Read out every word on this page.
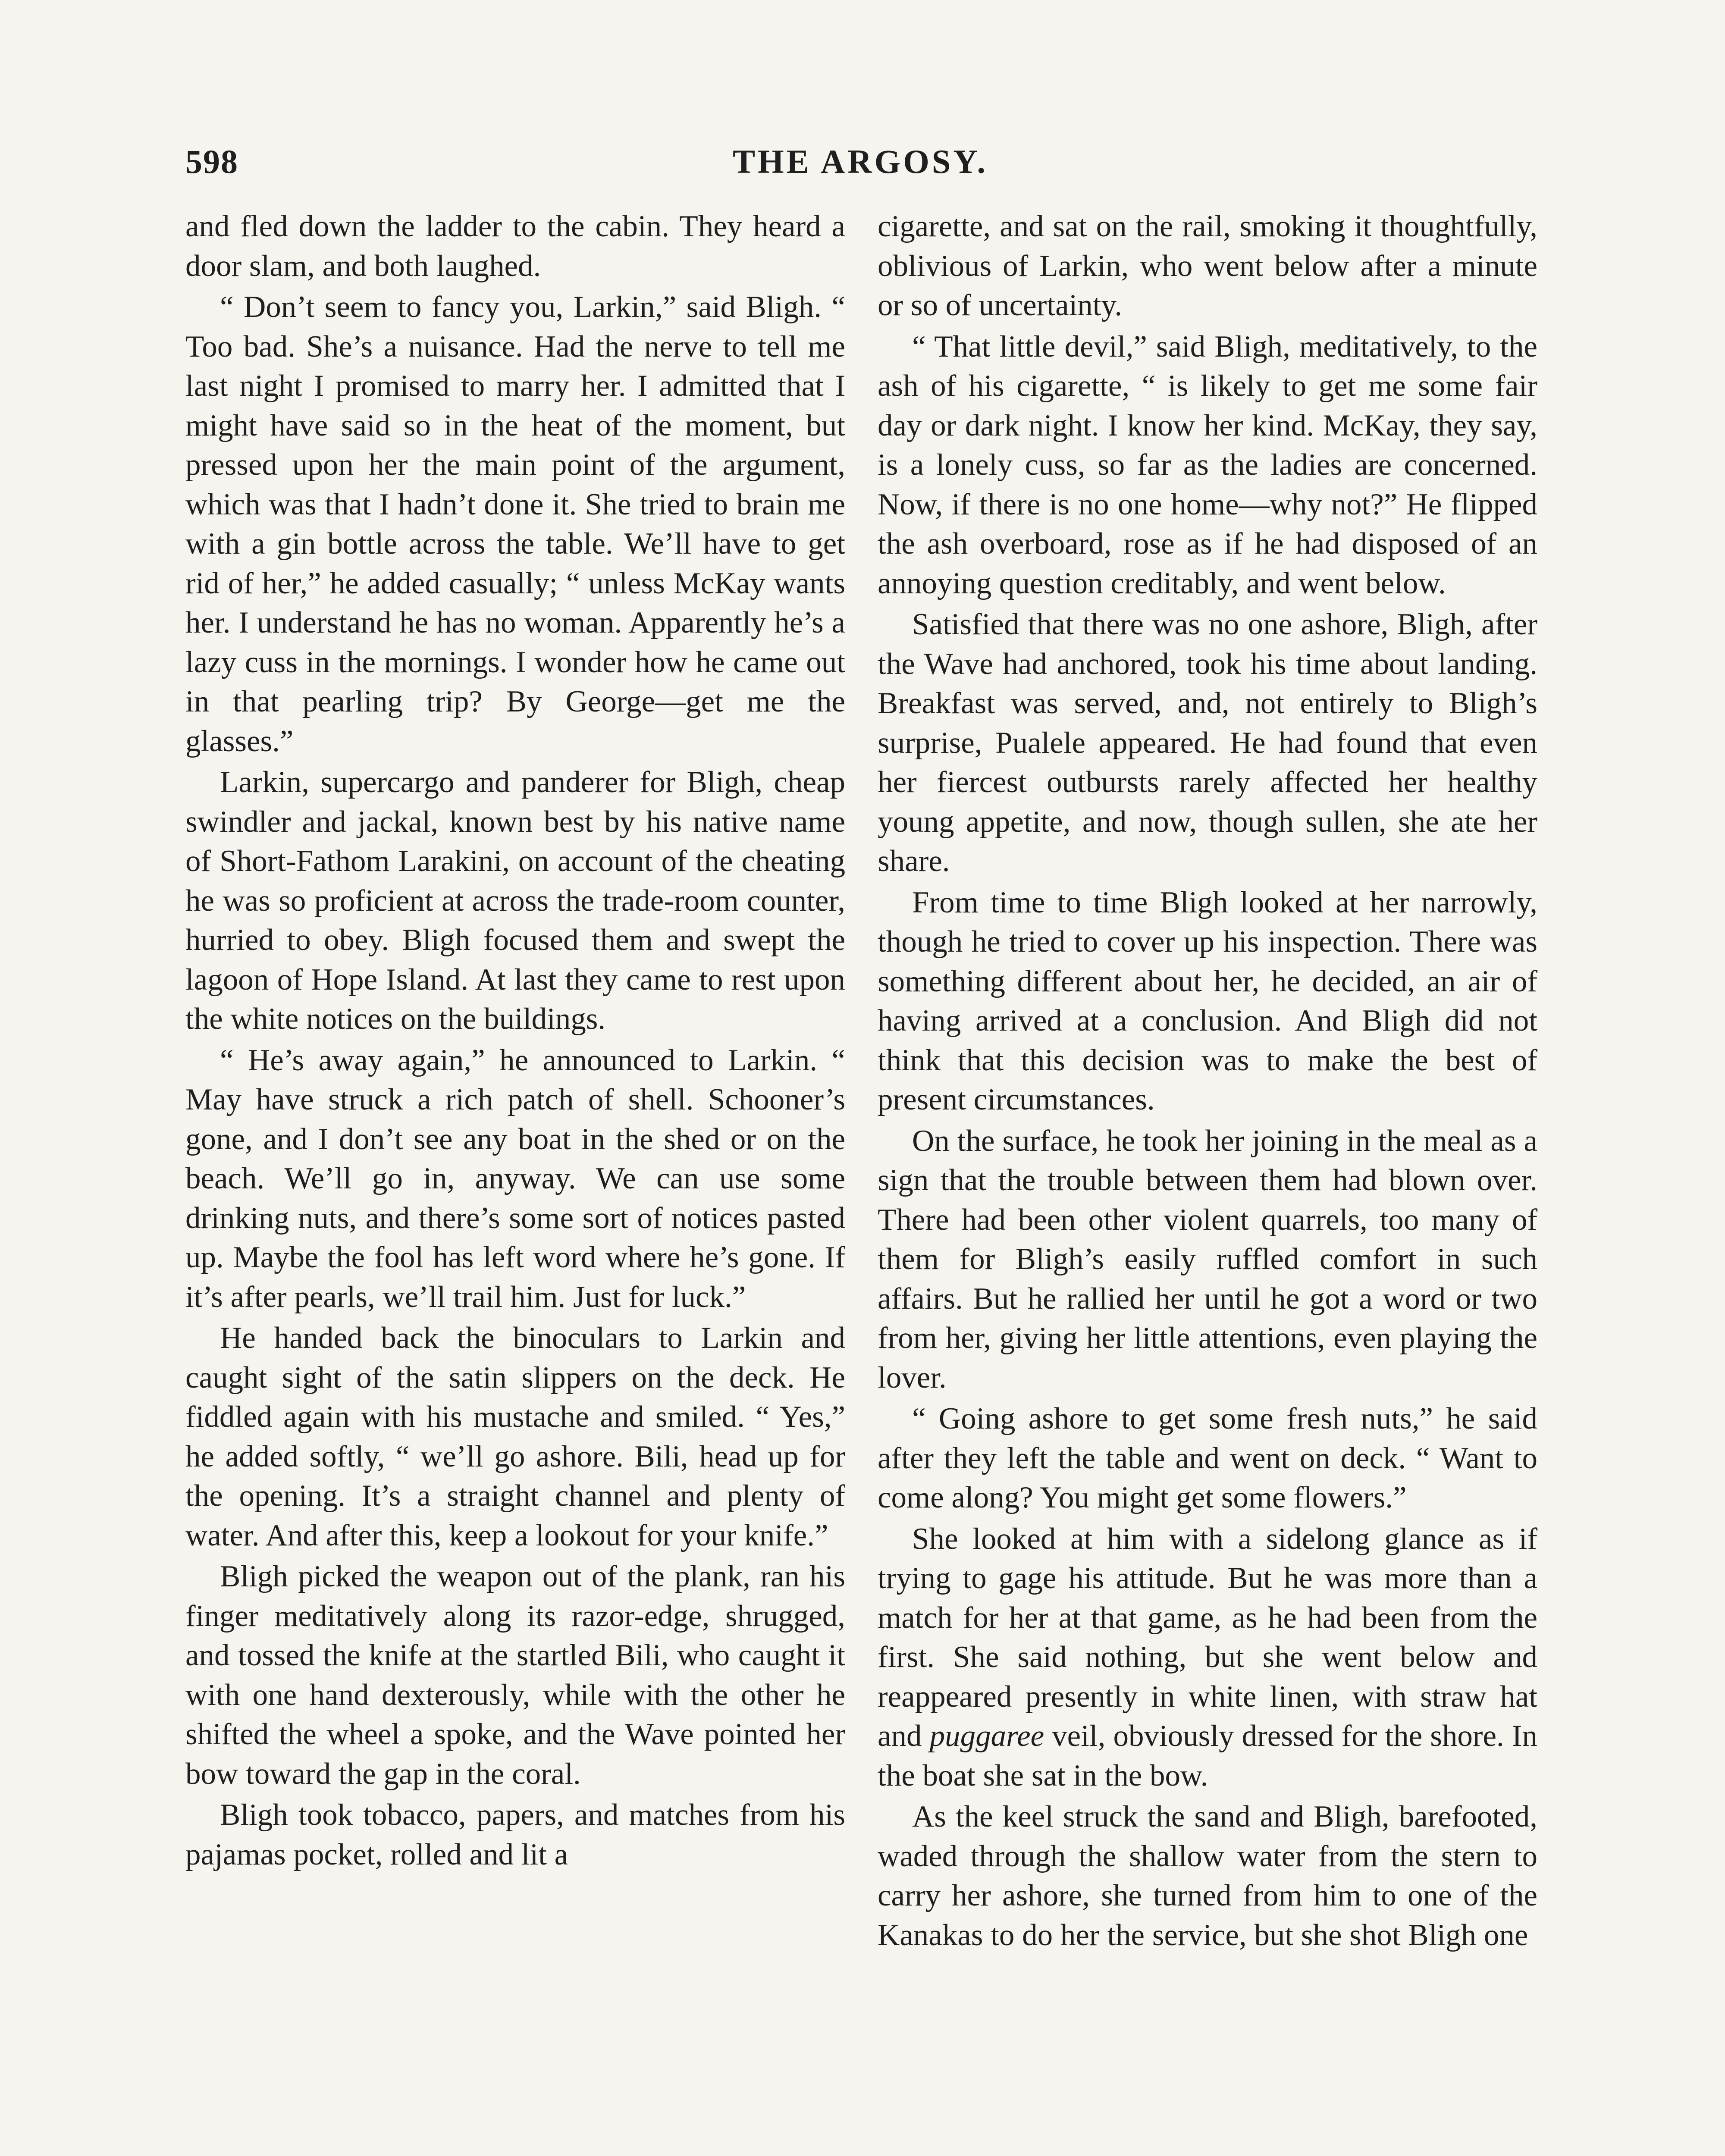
THE ARGOSY.
598

and fled down the ladder to the cabin. They heard a door slam, and both laughed.

“ Don’t seem to fancy you, Larkin,” said Bligh. “ Too bad. She’s a nuisance. Had the nerve to tell me last night I promised to marry her. I admitted that I might have said so in the heat of the moment, but pressed upon her the main point of the argument, which was that I hadn’t done it. She tried to brain me with a gin bottle across the table. We’ll have to get rid of her,” he added casually; “ unless McKay wants her. I understand he has no woman. Apparently he’s a lazy cuss in the mornings. I wonder how he came out in that pearling trip? By George—get me the glasses.”

Larkin, supercargo and panderer for Bligh, cheap swindler and jackal, known best by his native name of Short-Fathom Larakini, on account of the cheating he was so proficient at across the trade-room counter, hurried to obey. Bligh focused them and swept the lagoon of Hope Island. At last they came to rest upon the white notices on the buildings.

“ He’s away again,” he announced to Larkin. “ May have struck a rich patch of shell. Schooner’s gone, and I don’t see any boat in the shed or on the beach. We’ll go in, anyway. We can use some drinking nuts, and there’s some sort of notices pasted up. Maybe the fool has left word where he’s gone. If it’s after pearls, we’ll trail him. Just for luck.”

He handed back the binoculars to Larkin and caught sight of the satin slippers on the deck. He fiddled again with his mustache and smiled. “ Yes,” he added softly, “ we’ll go ashore. Bili, head up for the opening. It’s a straight channel and plenty of water. And after this, keep a lookout for your knife.”

Bligh picked the weapon out of the plank, ran his finger meditatively along its razor-edge, shrugged, and tossed the knife at the startled Bili, who caught it with one hand dexterously, while with the other he shifted the wheel a spoke, and the Wave pointed her bow toward the gap in the coral.

Bligh took tobacco, papers, and matches from his pajamas pocket, rolled and lit a

cigarette, and sat on the rail, smoking it thoughtfully, oblivious of Larkin, who went below after a minute or so of uncertainty.

“ That little devil,” said Bligh, meditatively, to the ash of his cigarette, “ is likely to get me some fair day or dark night. I know her kind. McKay, they say, is a lonely cuss, so far as the ladies are concerned. Now, if there is no one home—why not?” He flipped the ash overboard, rose as if he had disposed of an annoying question creditably, and went below.

Satisfied that there was no one ashore, Bligh, after the Wave had anchored, took his time about landing. Breakfast was served, and, not entirely to Bligh’s surprise, Pualele appeared. He had found that even her fiercest outbursts rarely affected her healthy young appetite, and now, though sullen, she ate her share.

From time to time Bligh looked at her narrowly, though he tried to cover up his inspection. There was something different about her, he decided, an air of having arrived at a conclusion. And Bligh did not think that this decision was to make the best of present circumstances.

On the surface, he took her joining in the meal as a sign that the trouble between them had blown over. There had been other violent quarrels, too many of them for Bligh’s easily ruffled comfort in such affairs. But he rallied her until he got a word or two from her, giving her little attentions, even playing the lover.

“ Going ashore to get some fresh nuts,” he said after they left the table and went on deck. “ Want to come along? You might get some flowers.”

She looked at him with a sidelong glance as if trying to gage his attitude. But he was more than a match for her at that game, as he had been from the first. She said nothing, but she went below and reappeared presently in white linen, with straw hat and puggaree veil, obviously dressed for the shore. In the boat she sat in the bow.

As the keel struck the sand and Bligh, barefooted, waded through the shallow water from the stern to carry her ashore, she turned from him to one of the Kanakas to do her the service, but she shot Bligh one
